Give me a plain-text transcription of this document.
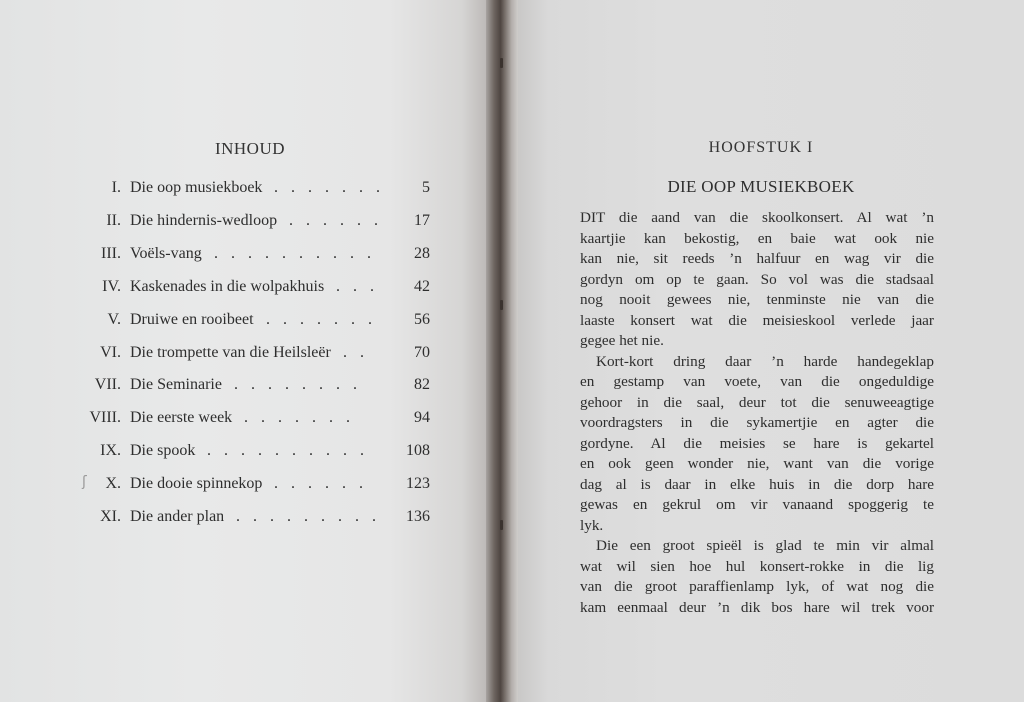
INHOUD
I. Die oop musiekboek . . . . . . . 5
II. Die hindernis-wedloop . . . . . . 17
III. Voëls-vang . . . . . . . . . . 28
IV. Kaskenades in die wolpakhuis . . . 42
V. Druiwe en rooibeet . . . . . . . 56
VI. Die trompette van die Heilsleër . .	70
VII. Die Seminarie . . . . . . . .	82
VIII. Die eerste week . . . . . . .	94
IX. Die spook . . . . . . . . . . 108
X. Die dooie spinnekop . . . . . . 123
XI. Die ander plan . . . . . . . . . 136
ʃ
HOOFSTUK I
DIE OOP MUSIEKBOEK
DIT die aand van die skoolkonsert. Al wat ’n
kaartjie kan bekostig, en baie wat ook nie
kan nie, sit reeds ’n halfuur en wag vir die
gordyn om op te gaan. So vol was die stadsaal
nog nooit gewees nie, tenminste nie van die
laaste konsert wat die meisieskool verlede jaar
gegee het nie.
Kort-kort dring daar ’n harde handegeklap
en gestamp van voete, van die ongeduldige
gehoor in die saal, deur tot die senuweeagtige
voordragsters in die sykamertjie en agter die
gordyne. Al die meisies se hare is gekartel
en ook geen wonder nie, want van die vorige
dag al is daar in elke huis in die dorp hare
gewas en gekrul om vir vanaand spoggerig te
lyk.
Die een groot spieël is glad te min vir almal
wat wil sien hoe hul konsert-rokke in die lig
van die groot paraffienlamp lyk, of wat nog die
kam eenmaal deur ’n dik bos hare wil trek voor
